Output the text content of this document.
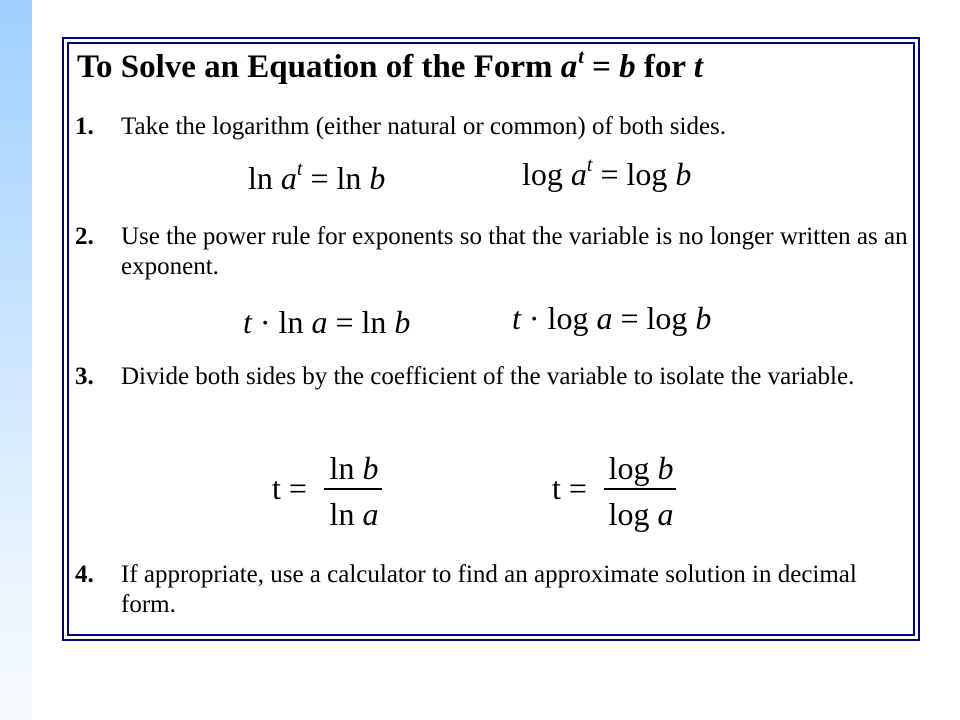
To Solve an Equation of the Form $a^t = b$ for t
1. Take the logarithm (either natural or common) of both sides.
$\ln a^t = \ln b$	$\log a^t = \log b$
2. Use the power rule for exponents so that the variable is no longer written as an exponent.
t · ln a = ln b	t · log a = log b
3. Divide both sides by the coefficient of the variable to isolate the variable.
t =
ln b
ln a
t =
log b
log a
4. If appropriate, use a calculator to find an approximate solution in decimal form.
